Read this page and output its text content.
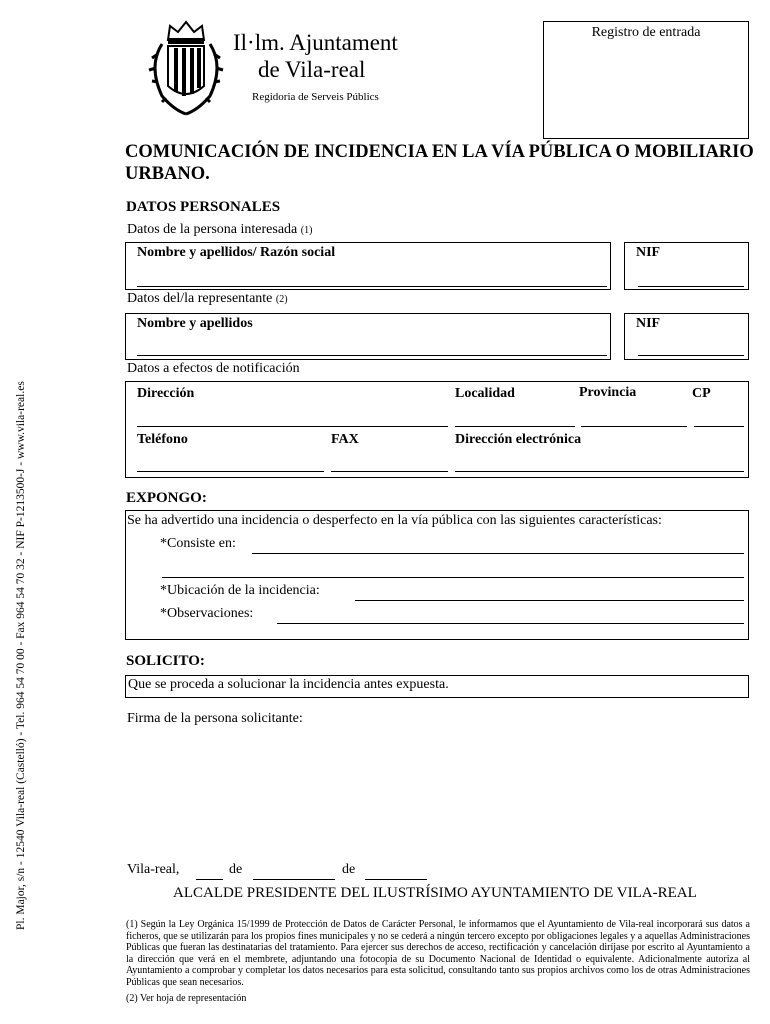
Pl. Major, s/n - 12540 Vila-real (Castelló) - Tel. 964 54 70 00 - Fax 964 54 70 32 - NIF P-1213500-J - www.vila-real.es
Il·lm. Ajuntament
de Vila-real
Regidoria de Serveis Públics
Registro de entrada
COMUNICACIÓN DE INCIDENCIA EN LA VÍA PÚBLICA O MOBILIARIO
URBANO.
DATOS PERSONALES
Datos de la persona interesada (1)
Nombre y apellidos/ Razón social	NIF
Datos del/la representante (2)
Nombre y apellidos	NIF
Datos a efectos de notificación
Dirección	Localidad	Provincia	CP
Teléfono	FAX	Dirección electrónica
EXPONGO:
Se ha advertido una incidencia o desperfecto en la vía pública con las siguientes características:
*Consiste en:
*Ubicación de la incidencia:
*Observaciones:
SOLICITO:
Que se proceda a solucionar la incidencia antes expuesta.
Firma de la persona solicitante:
Vila-real,	de	de
ALCALDE PRESIDENTE DEL ILUSTRÍSIMO AYUNTAMIENTO DE VILA-REAL
(1) Según la Ley Orgánica 15/1999 de Protección de Datos de Carácter Personal, le informamos que el Ayuntamiento de Vila-real incorporará sus datos a ficheros, que se utilizarán para los propios fines municipales y no se cederá a ningún tercero excepto por obligaciones legales y a aquellas Administraciones Públicas que fueran las destinatarias del tratamiento. Para ejercer sus derechos de acceso, rectificación y cancelación diríjase por escrito al Ayuntamiento a la dirección que verá en el membrete, adjuntando una fotocopia de su Documento Nacional de Identidad o equivalente. Adicionalmente autoriza al Ayuntamiento a comprobar y completar los datos necesarios para esta solicitud, consultando tanto sus propios archivos como los de otras Administraciones Públicas que sean necesarios.
(2) Ver hoja de representación
